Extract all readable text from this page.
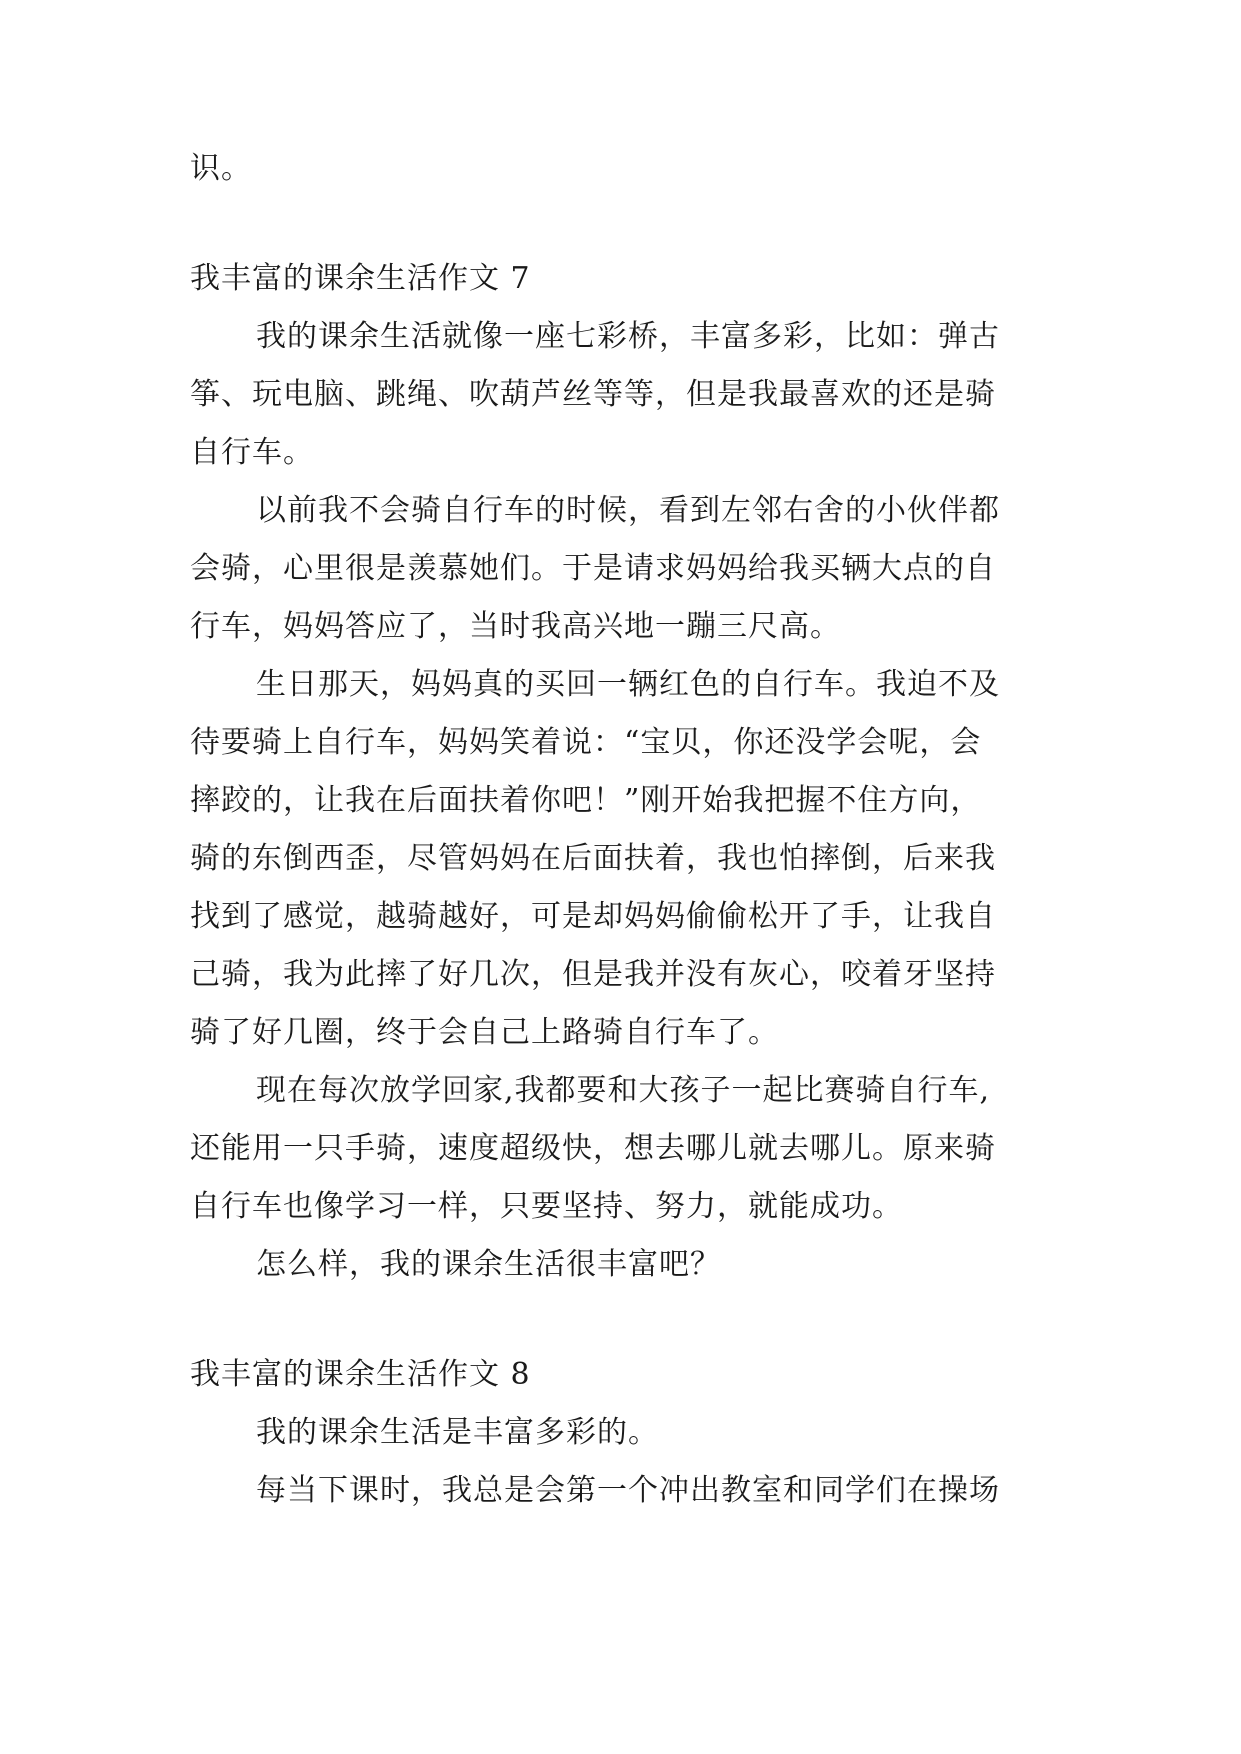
识。
我丰富的课余生活作文 7
我的课余生活就像一座七彩桥，丰富多彩，比如：弹古
筝、玩电脑、跳绳、吹葫芦丝等等，但是我最喜欢的还是骑
自行车。
以前我不会骑自行车的时候，看到左邻右舍的小伙伴都
会骑，心里很是羡慕她们。于是请求妈妈给我买辆大点的自
行车，妈妈答应了，当时我高兴地一蹦三尺高。
生日那天，妈妈真的买回一辆红色的自行车。我迫不及
待要骑上自行车，妈妈笑着说：“宝贝，你还没学会呢，会
摔跤的，让我在后面扶着你吧！”刚开始我把握不住方向，
骑的东倒西歪，尽管妈妈在后面扶着，我也怕摔倒，后来我
找到了感觉，越骑越好，可是却妈妈偷偷松开了手，让我自
己骑，我为此摔了好几次，但是我并没有灰心，咬着牙坚持
骑了好几圈，终于会自己上路骑自行车了。
现在每次放学回家,我都要和大孩子一起比赛骑自行车,
还能用一只手骑，速度超级快，想去哪儿就去哪儿。原来骑
自行车也像学习一样，只要坚持、努力，就能成功。
怎么样，我的课余生活很丰富吧？
我丰富的课余生活作文 8
我的课余生活是丰富多彩的。
每当下课时，我总是会第一个冲出教室和同学们在操场
